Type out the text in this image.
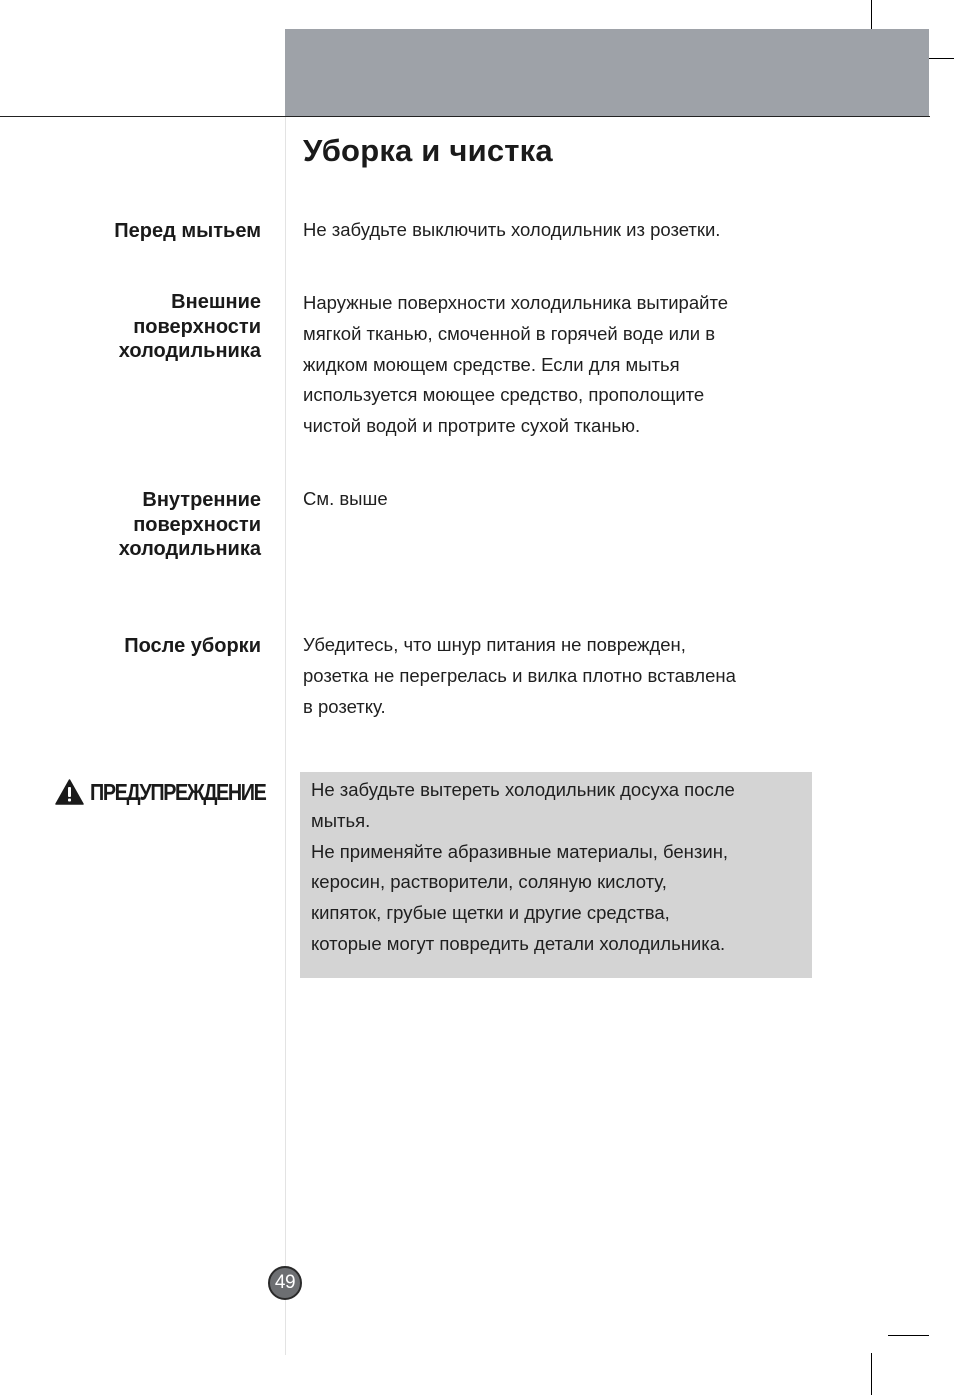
Уборка и чистка
Перед мытьем Не забудьте выключить холодильник из розетки.
Внешние
поверхности
холодильника
Наружные поверхности холодильника вытирайте
мягкой тканью, смоченной в горячей воде или в
жидком моющем средстве. Если для мытья
используется моющее средство, прополощите
чистой водой и протрите сухой тканью.
Внутренние
поверхности
холодильника
См. выше
После уборки Убедитесь, что шнур питания не поврежден,
розетка не перегрелась и вилка плотно вставлена
в розетку.
ПРЕДУПРЕЖДЕНИЕ Не забудьте вытереть холодильник досуха после
мытья.
Не применяйте абразивные материалы, бензин,
керосин, растворители, соляную кислоту,
кипяток, грубые щетки и другие средства,
которые могут повредить детали холодильника.
49
